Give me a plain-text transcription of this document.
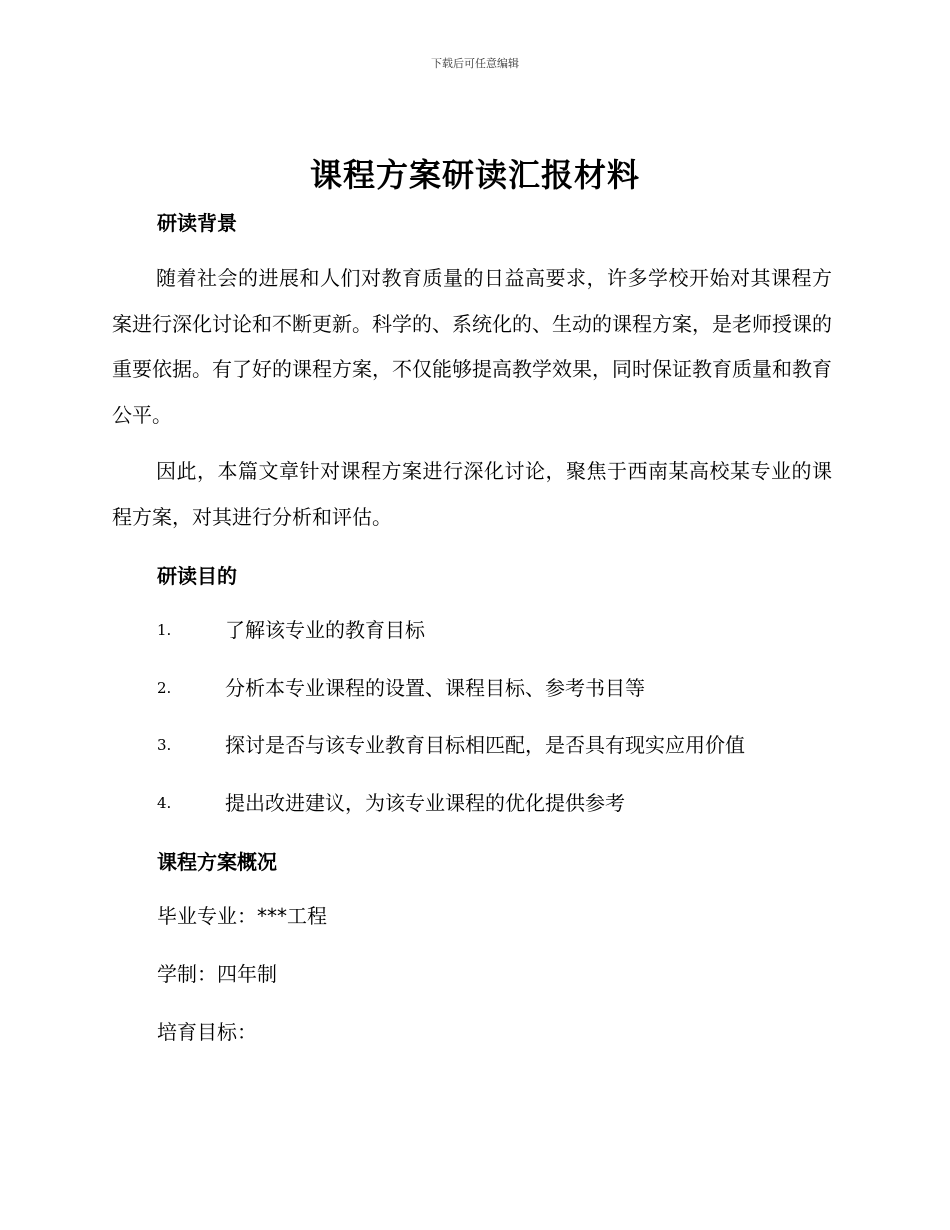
下载后可任意编辑
课程方案研读汇报材料
研读背景
随着社会的进展和人们对教育质量的日益高要求，许多学校开始对其课程方案进行深化讨论和不断更新。科学的、系统化的、生动的课程方案，是老师授课的重要依据。有了好的课程方案，不仅能够提高教学效果，同时保证教育质量和教育公平。
因此，本篇文章针对课程方案进行深化讨论，聚焦于西南某高校某专业的课程方案，对其进行分析和评估。
研读目的
1.	了解该专业的教育目标
2.	分析本专业课程的设置、课程目标、参考书目等
3.	探讨是否与该专业教育目标相匹配，是否具有现实应用价值
4.	提出改进建议，为该专业课程的优化提供参考
课程方案概况
毕业专业：***工程
学制：四年制
培育目标：
